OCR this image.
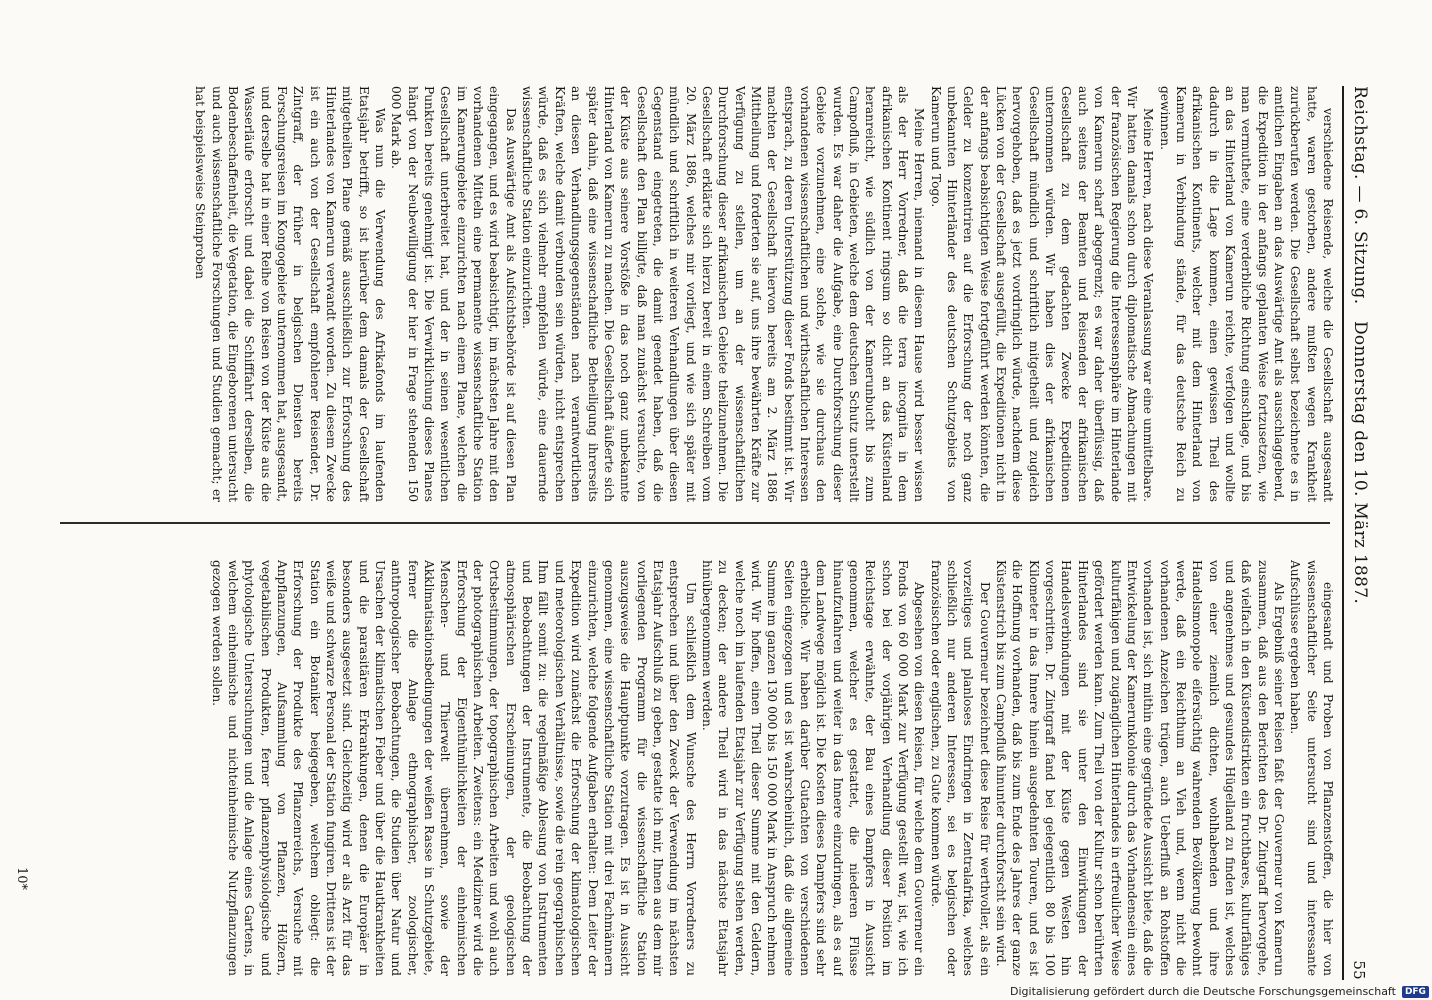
Reichstag. — 6. Sitzung.
Donnerstag den 10. März 1887.
55

verschiedene Reisende, welche die Gesellschaft ausgesandt hatte, waren gestorben, andere mußten wegen Krankheit zurückberufen werden. Die Gesellschaft selbst bezeichnete es in amtlichen Eingaben an das Auswärtige Amt als ausschlaggebend, die Expedition in der anfangs geplanten Weise fortzusetzen, wie man vermuthete, eine verderbliche Richtung einschlage, und bis an das Hinterland von Kamerun reichte, verfolgen und wollte dadurch in die Lage kommen, einen gewissen Theil des afrikanischen Kontinents, welcher mit dem Hinterland von Kamerun in Verbindung stände, für das deutsche Reich zu gewinnen.

Meine Herren, nach diese Veranlassung war eine unmittelbare. Wir hatten damals schon durch diplomatische Abmachungen mit der französischen Regierung die Interessensphäre im Hinterlande von Kamerun scharf abgegrenzt; es war daher überflüssig, daß auch seitens der Beamten und Reisenden der afrikanischen Gesellschaft zu dem gedachten Zwecke Expeditionen unternommen würden. Wir haben dies der afrikanischen Gesellschaft mündlich und schriftlich mitgetheilt und zugleich hervorgehoben, daß es jetzt vordringlich würde, nachdem diese Lücken von der Gesellschaft ausgefüllt, die Expeditionen nicht in der anfangs beabsichtigten Weise fortgeführt werden könnten, die Gelder zu konzentriren auf die Erforschung der noch ganz unbekannten Hinterländer des deutschen Schutzgebiets von Kamerun und Togo.

Meine Herren, niemand in diesem Hause wird besser wissen als der Herr Vorredner, daß die terra incognita in dem afrikanischen Kontinent ringsum so dicht an das Küstenland heranreicht, wie südlich von der Kamerunbucht bis zum Campofluß, in Gebieten, welche dem deutschen Schutz unterstellt wurden. Es war daher die Aufgabe, eine Durchforschung dieser Gebiete vorzunehmen, eine solche, wie sie durchaus den vorhandenen wissenschaftlichen und wirthschaftlichen Interessen entsprach, zu deren Unterstützung dieser Fonds bestimmt ist. Wir machten der Gesellschaft hiervon bereits am 2. März 1886 Mittheilung und forderten sie auf, uns ihre bewährten Kräfte zur Verfügung zu stellen, um an der wissenschaftlichen Durchforschung dieser afrikanischen Gebiete theilzunehmen. Die Gesellschaft erklärte sich hierzu bereit in einem Schreiben vom 20. März 1886, welches mir vorliegt, und wie sich später mit mündlich und schriftlich in weiteren Verhandlungen über diesen Gegenstand eingetreten, die damit geendet haben, daß die Gesellschaft den Plan billigte, daß man zunächst versuchte, von der Küste aus seinere Vorstöße in das noch ganz unbekannte Hinterland von Kamerun zu machen. Die Gesellschaft äußerte sich später dahin, daß eine wissenschaftliche Betheiligung ihrerseits an diesen Verhandlungsgegenständen nach verantwortlichen Kräften, welche damit verbunden sein würden, nicht entsprechen würde, daß es sich vielmehr empfehlen würde, eine dauernde wissenschaftliche Station einzurichten.

Das Auswärtige Amt als Aufsichtsbehörde ist auf diesen Plan eingegangen, und es wird beabsichtigt, im nächsten Jahre mit den vorhandenen Mitteln eine permanente wissenschaftliche Station im Kamerungebiete einzurichten nach einem Plane, welchen die Gesellschaft unterbreitet hat, und der in seinen wesentlichen Punkten bereits genehmigt ist. Die Verwirklichung dieses Planes hängt von der Neubewilligung der hier in Frage stehenden 150 000 Mark ab.

Was nun die Verwendung des Afrikafonds im laufenden Etatsjahr betrifft, so ist hierüber dem damals der Gesellschaft mitgetheilten Plane gemäß ausschließlich zur Erforschung des Hinterlandes von Kamerun verwandt worden. Zu diesem Zwecke ist ein auch von der Gesellschaft empfohlener Reisender, Dr. Zintgraff, der früher in belgischen Diensten bereits Forschungsreisen im Kongogebiete unternommen hat, ausgesandt, und derselbe hat in einer Reihe von Reisen von der Küste aus die Wasserläufe erforscht und dabei die Schifffahrt derselben, die Bodenbeschaffenheit, die Vegetation, die Eingeborenen untersucht und auch wissenschaftliche Forschungen und Studien gemacht; er hat beispielsweise Steinproben

eingesandt und Proben von Pflanzenstoffen, die hier von wissenschaftlicher Seite untersucht sind und interessante Aufschlüsse ergeben haben.

Als Ergebniß seiner Reisen faßt der Gouverneur von Kamerun zusammen, daß aus den Berichten des Dr. Zintgraff hervorgehe, daß vielfach in den Küstendistrikten ein fruchtbares, kulturfähiges und angenehmes und gesundes Hügelland zu finden ist, welches von einer ziemlich dichten, wohlhabenden und ihre Handelsmonopole eifersüchtig wahrenden Bevölkerung bewohnt werde, daß ein Reichthum an Vieh und, wenn nicht die vorhandenen Anzeichen trügen, auch Ueberfluß an Rohstoffen vorhanden ist, sich mithin eine gegründete Aussicht biete, daß die Entwickelung der Kamerunkolonie durch das Vorhandensein eines kulturfähigen und zugänglichen Hinterlandes in erfreulicher Weise gefördert werden kann. Zum Theil von der Kultur schon berührten Hinterlandes sind sie unter den Einwirkungen der Handelsverbindungen mit der Küste gegen Westen hin vorgeschritten. Dr. Zintgraff fand bei gelegentlich 80 bis 100 Kilometer in das Innere hinein ausgedehnten Touren, und es ist die Hoffnung vorhanden, daß bis zum Ende des Jahres der ganze Küstenstrich bis zum Campofluß hinunter durchforscht sein wird.

Der Gouverneur bezeichnet diese Reise für werthvoller, als ein vorzeitiges und planloses Eindringen in Zentralafrika, welches schließlich nur anderen Interessen, sei es belgischen oder französischen oder englischen, zu Gute kommen würde.

Abgesehen von diesen Reisen, für welche dem Gouverneur ein Fonds von 60 000 Mark zur Verfügung gestellt war, ist, wie ich schon bei der vorjährigen Verhandlung dieser Position im Reichstage erwähnte, der Bau eines Dampfers in Aussicht genommen, welcher es gestattet, die niederen Flüsse hinaufzufahren und weiter in das Innere einzudringen, als es auf dem Landwege möglich ist. Die Kosten dieses Dampfers sind sehr erhebliche. Wir haben darüber Gutachten von verschiedenen Seiten eingezogen und es ist wahrscheinlich, daß die allgemeine Summe im ganzen 130 000 bis 150 000 Mark in Anspruch nehmen wird. Wir hoffen, einen Theil dieser Summe mit den Geldern, welche noch im laufenden Etatsjahr zur Verfügung stehen werden, zu decken; der andere Theil wird in das nächste Etatsjahr hinübergenommen werden.

Um schließlich dem Wunsche des Herrn Vorredners zu entsprechen und über den Zweck der Verwendung im nächsten Etatsjahr Aufschluß zu geben, gestatte ich mir, Ihnen aus dem mir vorliegenden Programm für die wissenschaftliche Station auszugsweise die Hauptpunkte vorzutragen. Es ist in Aussicht genommen, eine wissenschaftliche Station mit drei Fachmännern einzurichten, welche folgende Aufgaben erhalten: Dem Leiter der Expedition wird zunächst die Erforschung der klimatologischen und meteorologischen Verhältnisse, sowie die rein geographischen Ihm fällt somit zu: die regelmäßige Ablesung von Instrumenten und Beobachtungen der Instrumente, die Beobachtung der atmosphärischen Erscheinungen, der geologischen Ortsbestimmungen, der topographischen Arbeiten und wohl auch der photographischen Arbeiten. Zweitens: ein Mediziner wird die Erforschung der Eigenthümlichkeiten der einheimischen Menschen- und Thierwelt übernehmen, sowie der Akklimatisationsbedingungen der weißen Rasse in Schutzgebiete, ferner die Anlage ethnographischer, zoologischer, anthropologischer Beobachtungen, die Studien über Natur und Ursachen der klimatischen Fieber und über die Hautkrankheiten und die parasitären Erkrankungen, denen die Europäer in besonders ausgesetzt sind. Gleichzeitig wird er als Arzt für das weiße und schwarze Personal der Station fungiren. Drittens ist der Station ein Botaniker beigegeben, welchem obliegt: die Erforschung der Produkte des Pflanzenreichs, Versuche mit Anpflanzungen, Aufsammlung von Pflanzen, Hölzern, vegetabilischen Produkten, ferner pflanzenphysiologische und phytologische Untersuchungen und die Anlage eines Gartens, in welchem einheimische und nichteinheimische Nutzpflanzungen gezogen werden sollen.

10*
Digitalisierung gefördert durch die Deutsche Forschungsgemeinschaft	DFG
